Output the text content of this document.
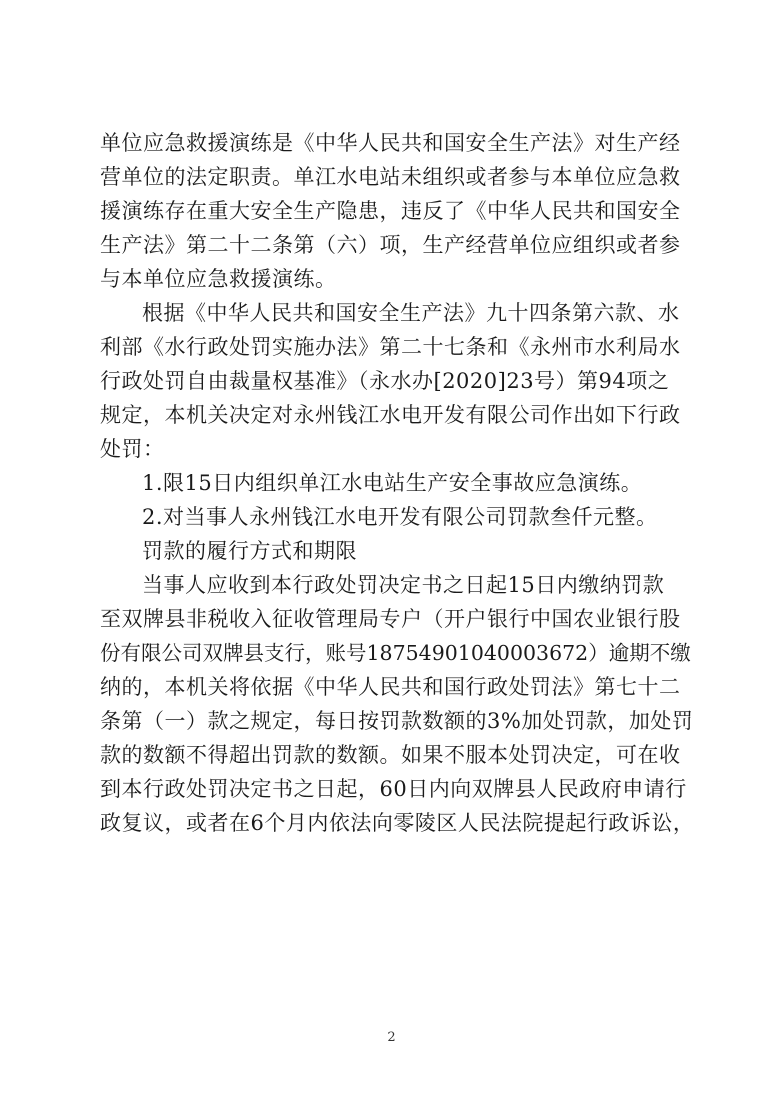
单位应急救援演练是《中华人民共和国安全生产法》对生产经
营单位的法定职责。单江水电站未组织或者参与本单位应急救
援演练存在重大安全生产隐患，违反了《中华人民共和国安全
生产法》第二十二条第（六）项，生产经营单位应组织或者参
与本单位应急救援演练。
根据《中华人民共和国安全生产法》九十四条第六款、水
利部《水行政处罚实施办法》第二十七条和《永州市水利局水
行政处罚自由裁量权基准》（永水办[2020]23号）第94项之
规定，本机关决定对永州钱江水电开发有限公司作出如下行政
处罚：
1.限15日内组织单江水电站生产安全事故应急演练。
2.对当事人永州钱江水电开发有限公司罚款叁仟元整。
罚款的履行方式和期限
当事人应收到本行政处罚决定书之日起15日内缴纳罚款
至双牌县非税收入征收管理局专户（开户银行中国农业银行股
份有限公司双牌县支行，账号18754901040003672）逾期不缴
纳的，本机关将依据《中华人民共和国行政处罚法》第七十二
条第（一）款之规定，每日按罚款数额的3%加处罚款，加处罚
款的数额不得超出罚款的数额。如果不服本处罚决定，可在收
到本行政处罚决定书之日起，60日内向双牌县人民政府申请行
政复议，或者在6个月内依法向零陵区人民法院提起行政诉讼，
2
